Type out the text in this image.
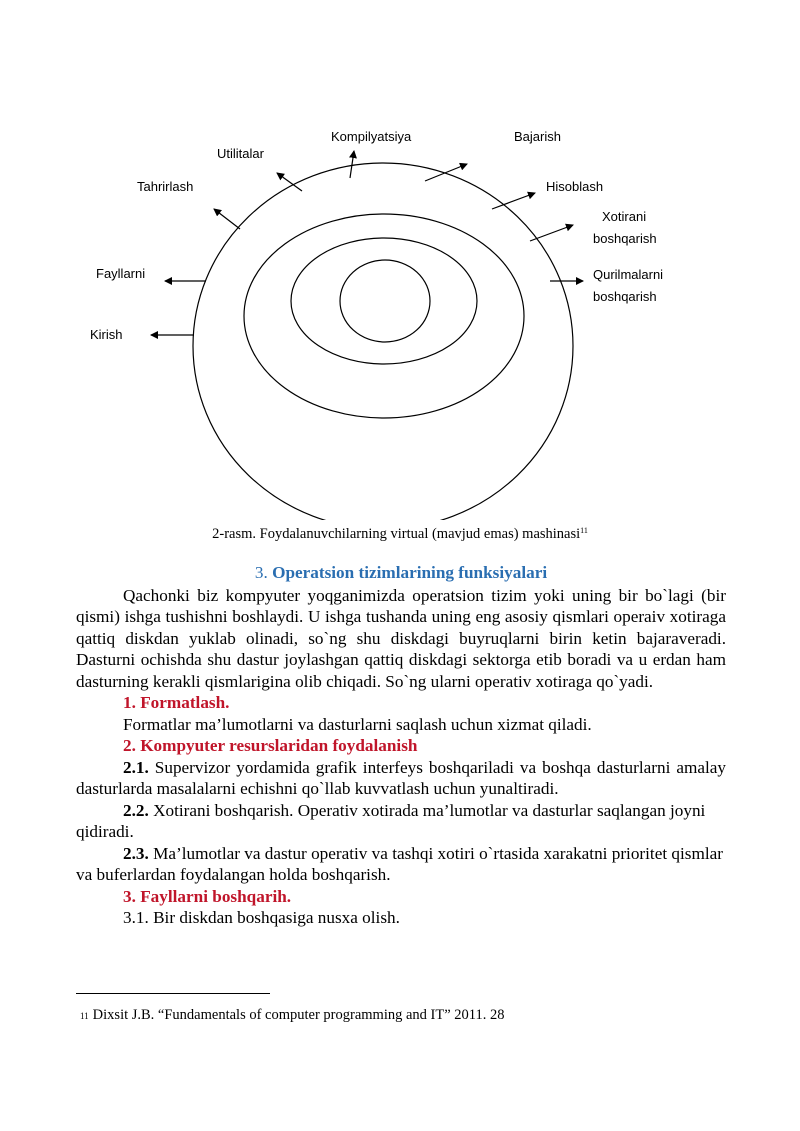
Kompilyatsiya	Bajarish
Utilitalar
Tahrirlash	Hisoblash
Xotirani
boshqarish
Fayllarni	Qurilmalarni
boshqarish
Kirish
2-rasm. Foydalanuvchilarning virtual (mavjud emas) mashinasi$^{11}$

3. Operatsion tizimlarining funksiyalari

Qachonki biz kompyuter yoqganimizda operatsion tizim yoki uning bir bo`lagi (bir qismi) ishga tushishni boshlaydi. U ishga tushanda uning eng asosiy qismlari operaiv xotiraga qattiq diskdan yuklab olinadi, so`ng shu diskdagi buyruqlarni birin ketin bajaraveradi. Dasturni ochishda shu dastur joylashgan qattiq diskdagi sektorga etib boradi va u erdan ham dasturning kerakli qismlarigina olib chiqadi. So`ng ularni operativ xotiraga qo`yadi.

1. Formatlash.

Formatlar ma’lumotlarni va dasturlarni saqlash uchun xizmat qiladi.

2. Kompyuter resurslaridan foydalanish

2.1. Supervizor yordamida grafik interfeys boshqariladi va boshqa dasturlarni amalay dasturlarda masalalarni echishni qo`llab kuvvatlash uchun yunaltiradi.

2.2. Xotirani boshqarish. Operativ xotirada ma’lumotlar va dasturlar saqlangan joyni qidiradi.

2.3. Ma’lumotlar va dastur operativ va tashqi xotiri o`rtasida xarakatni prioritet qismlar va buferlardan foydalangan holda boshqarish.

3. Fayllarni boshqarih.

3.1. Bir diskdan boshqasiga nusxa olish.

11 Dixsit J.B. “Fundamentals of computer programming and IT” 2011. 28
